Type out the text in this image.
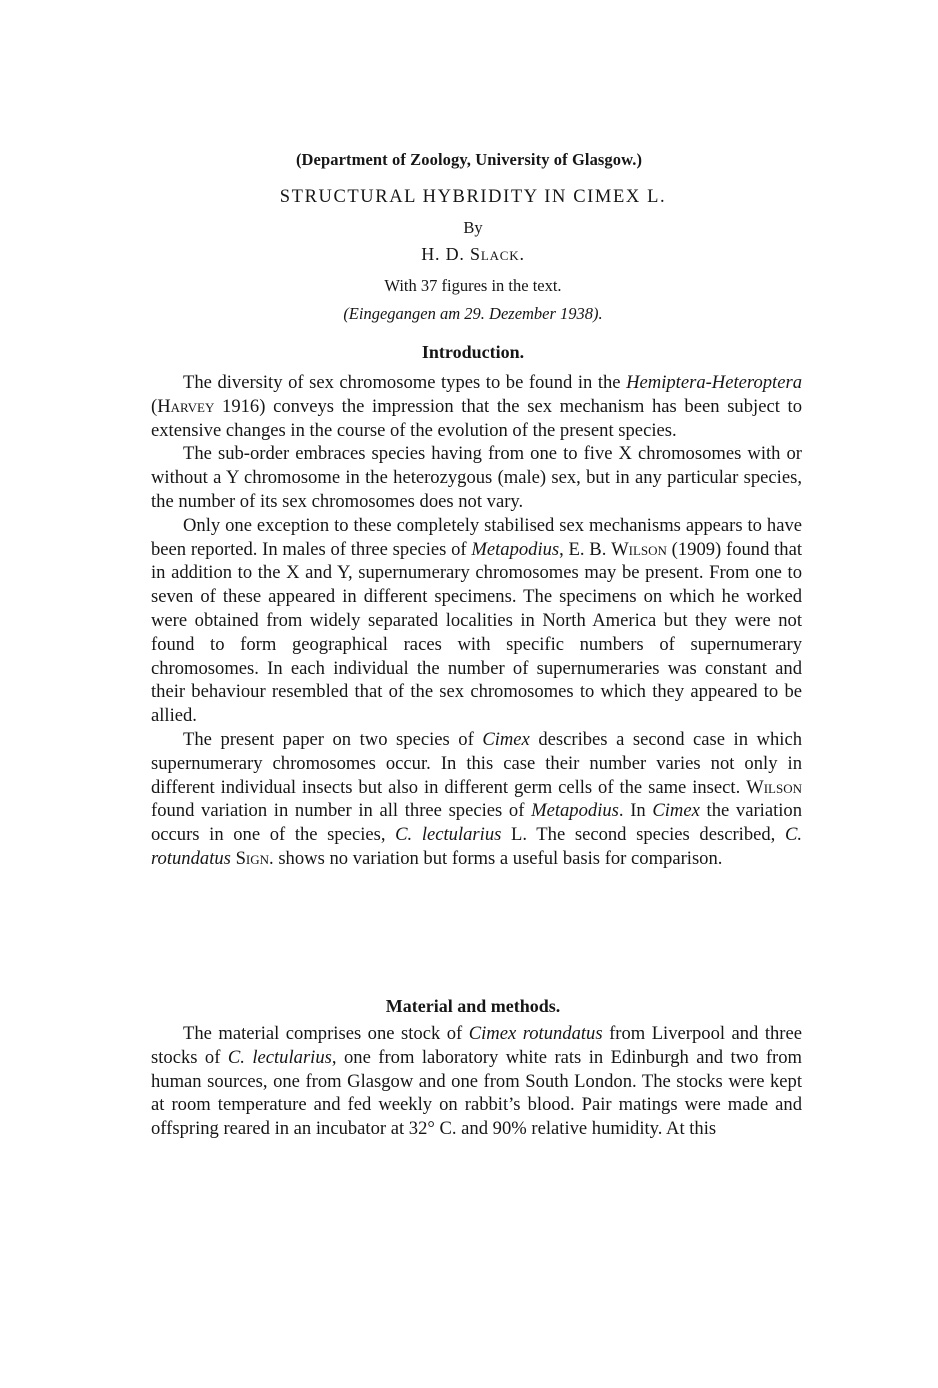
(Department of Zoology, University of Glasgow.)
STRUCTURAL HYBRIDITY IN CIMEX L.
By
H. D. Slack.
With 37 figures in the text.
(Eingegangen am 29. Dezember 1938).
Introduction.

The diversity of sex chromosome types to be found in the Hemiptera-Heteroptera (Harvey 1916) conveys the impression that the sex mechanism has been subject to extensive changes in the course of the evolution of the present species.

The sub-order embraces species having from one to five X chromosomes with or without a Y chromosome in the heterozygous (male) sex, but in any particular species, the number of its sex chromosomes does not vary.

Only one exception to these completely stabilised sex mechanisms appears to have been reported. In males of three species of Metapodius, E. B. Wilson (1909) found that in addition to the X and Y, supernumerary chromosomes may be present. From one to seven of these appeared in different specimens. The specimens on which he worked were obtained from widely separated localities in North America but they were not found to form geographical races with specific numbers of supernumerary chromosomes. In each individual the number of supernumeraries was constant and their behaviour resembled that of the sex chromosomes to which they appeared to be allied.

The present paper on two species of Cimex describes a second case in which supernumerary chromosomes occur. In this case their number varies not only in different individual insects but also in different germ cells of the same insect. Wilson found variation in number in all three species of Metapodius. In Cimex the variation occurs in one of the species, C. lectularius L. The second species described, C. rotundatus Sign. shows no variation but forms a useful basis for comparison.

Material and methods.

The material comprises one stock of Cimex rotundatus from Liverpool and three stocks of C. lectularius, one from laboratory white rats in Edinburgh and two from human sources, one from Glasgow and one from South London. The stocks were kept at room temperature and fed weekly on rabbit’s blood. Pair matings were made and offspring reared in an incubator at 32° C. and 90% relative humidity. At this
